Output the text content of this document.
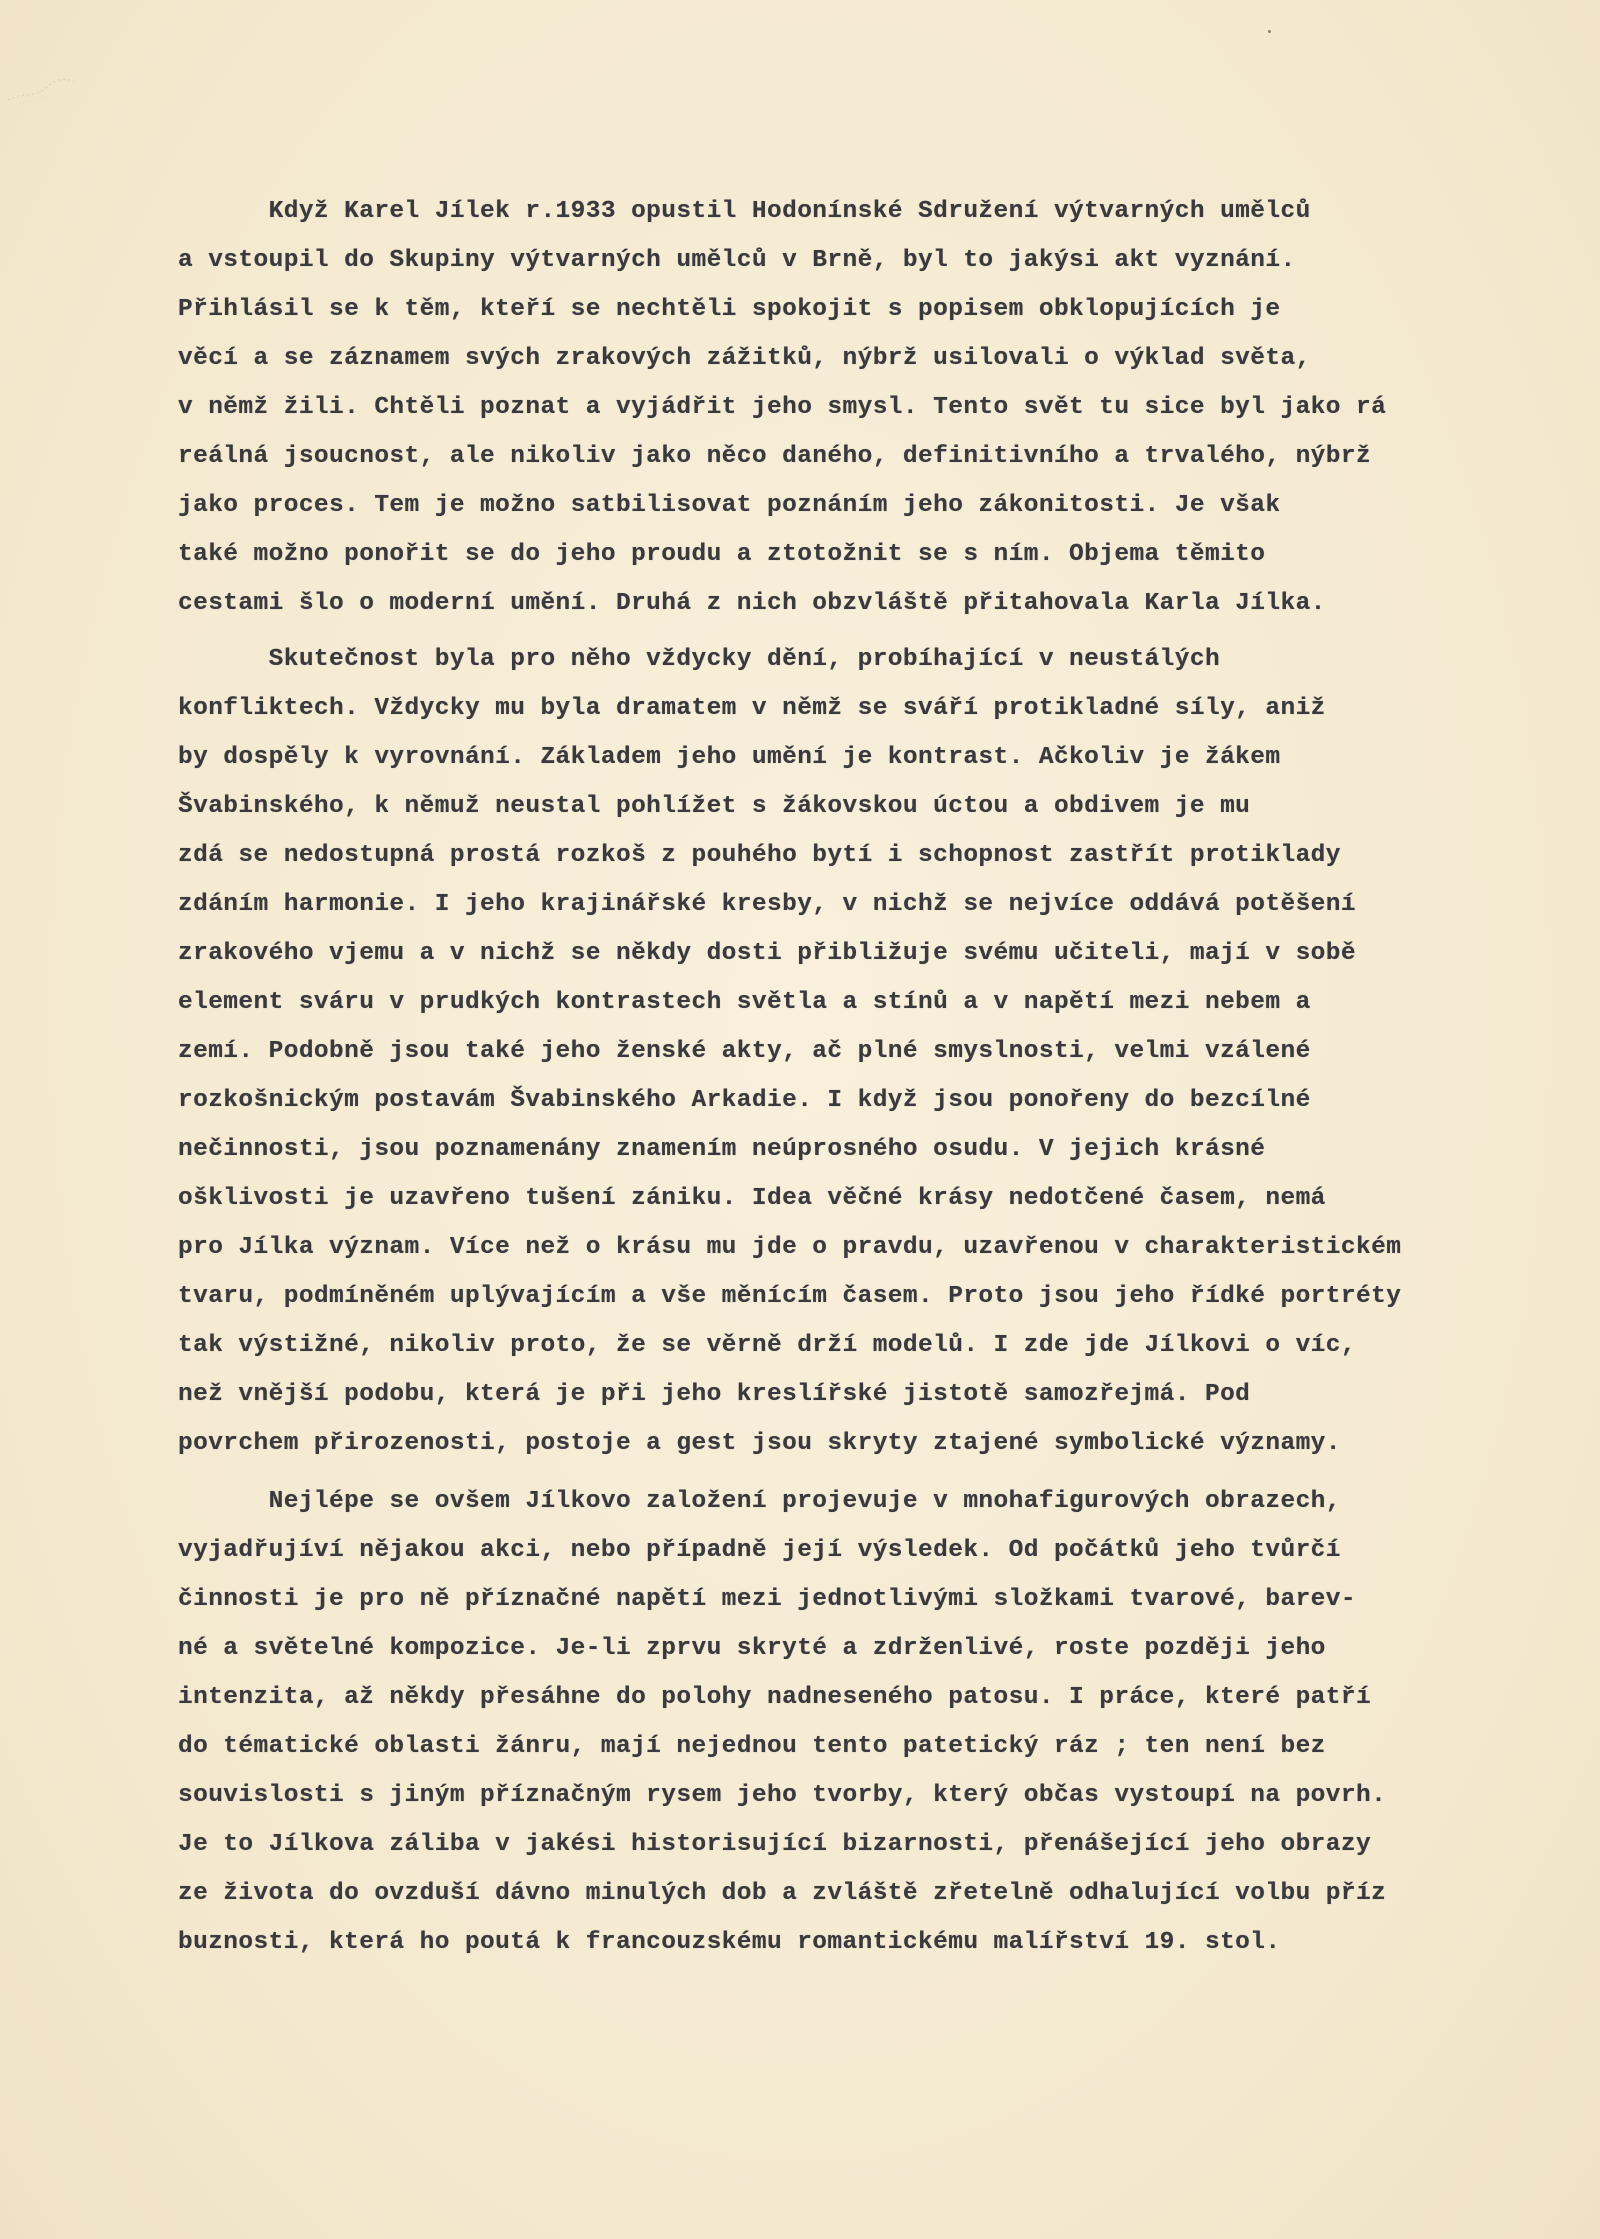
Když Karel Jílek r.1933 opustil Hodonínské Sdružení výtvarných umělců
a vstoupil do Skupiny výtvarných umělců v Brně, byl to jakýsi akt vyznání.
Přihlásil se k těm, kteří se nechtěli spokojit s popisem obklopujících je
věcí a se záznamem svých zrakových zážitků, nýbrž usilovali o výklad světa,
v němž žili. Chtěli poznat a vyjádřit jeho smysl. Tento svět tu sice byl jako rá
reálná jsoucnost, ale nikoliv jako něco daného, definitivního a trvalého, nýbrž
jako proces. Tem je možno satbilisovat poznáním jeho zákonitosti. Je však
také možno ponořit se do jeho proudu a ztotožnit se s ním. Objema těmito
cestami šlo o moderní umění. Druhá z nich obzvláště přitahovala Karla Jílka.
Skutečnost byla pro něho vždycky dění, probíhající v neustálých
konfliktech. Vždycky mu byla dramatem v němž se sváří protikladné síly, aniž
by dospěly k vyrovnání. Základem jeho umění je kontrast. Ačkoliv je žákem
Švabinského, k němuž neustal pohlížet s žákovskou úctou a obdivem je mu
zdá se nedostupná prostá rozkoš z pouhého bytí i schopnost zastřít protiklady
zdáním harmonie. I jeho krajinářské kresby, v nichž se nejvíce oddává potěšení
zrakového vjemu a v nichž se někdy dosti přibližuje svému učiteli, mají v sobě
element sváru v prudkých kontrastech světla a stínů a v napětí mezi nebem a
zemí. Podobně jsou také jeho ženské akty, ač plné smyslnosti, velmi vzálené
rozkošnickým postavám Švabinského Arkadie. I když jsou ponořeny do bezcílné
nečinnosti, jsou poznamenány znamením neúprosného osudu. V jejich krásné
ošklivosti je uzavřeno tušení zániku. Idea věčné krásy nedotčené časem, nemá
pro Jílka význam. Více než o krásu mu jde o pravdu, uzavřenou v charakteristickém
tvaru, podmíněném uplývajícím a vše měnícím časem. Proto jsou jeho řídké portréty
tak výstižné, nikoliv proto, že se věrně drží modelů. I zde jde Jílkovi o víc,
než vnější podobu, která je při jeho kreslířské jistotě samozřejmá. Pod
povrchem přirozenosti, postoje a gest jsou skryty ztajené symbolické významy.
Nejlépe se ovšem Jílkovo založení projevuje v mnohafigurových obrazech,
vyjadřujíví nějakou akci, nebo případně její výsledek. Od počátků jeho tvůrčí
činnosti je pro ně příznačné napětí mezi jednotlivými složkami tvarové, barev-
né a světelné kompozice. Je-li zprvu skryté a zdrženlivé, roste později jeho
intenzita, až někdy přesáhne do polohy nadneseného patosu. I práce, které patří
do tématické oblasti žánru, mají nejednou tento patetický ráz ; ten není bez
souvislosti s jiným příznačným rysem jeho tvorby, který občas vystoupí na povrh.
Je to Jílkova záliba v jakési historisující bizarnosti, přenášející jeho obrazy
ze života do ovzduší dávno minulých dob a zvláště zřetelně odhalující volbu příz
buznosti, která ho poutá k francouzskému romantickému malířství 19. stol.
